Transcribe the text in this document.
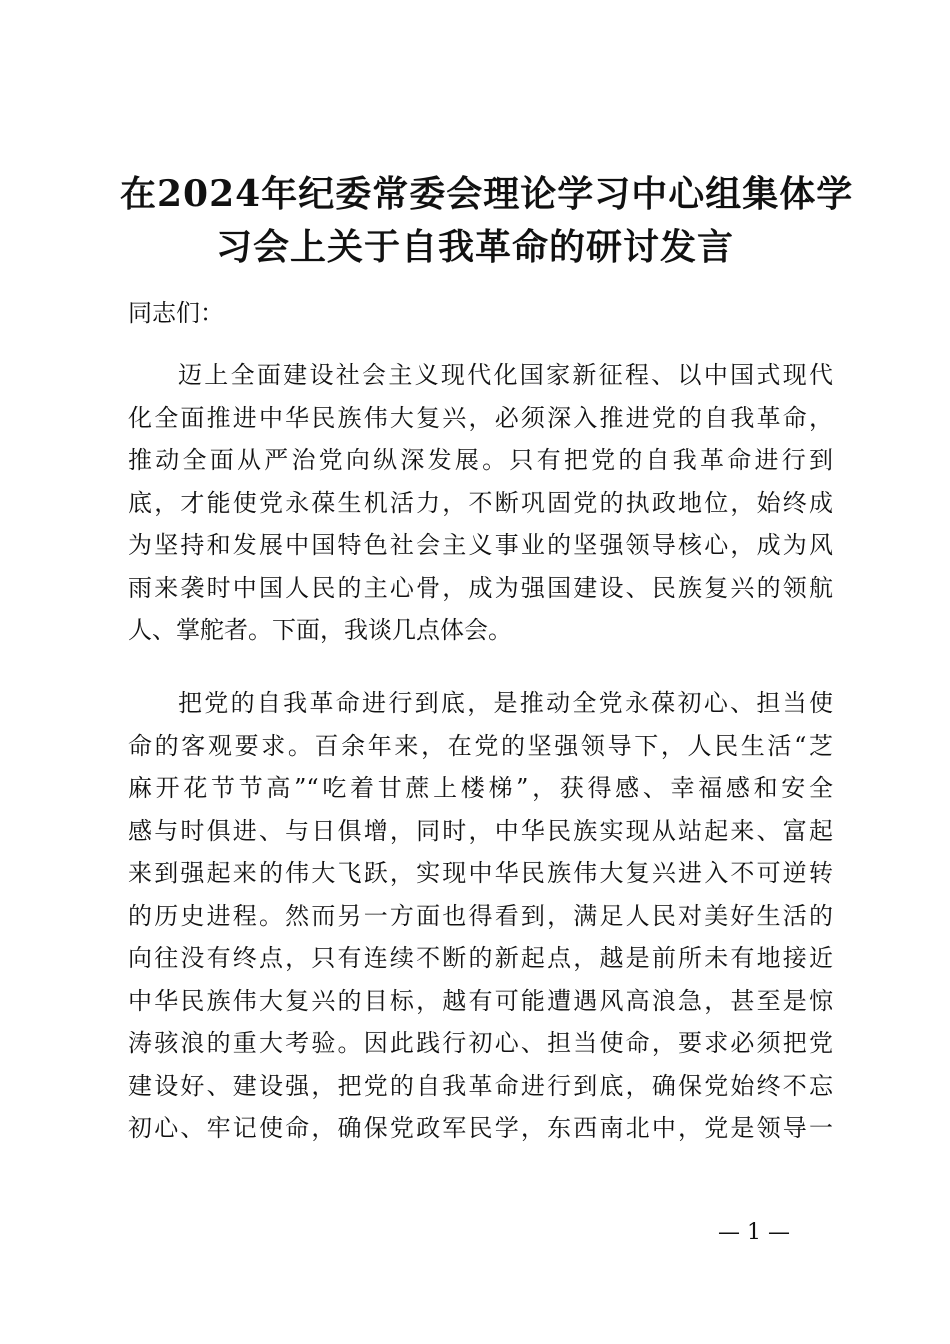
在2024年纪委常委会理论学习中心组集体学
习会上关于自我革命的研讨发言

同志们：

迈上全面建设社会主义现代化国家新征程、以中国式现代
化全面推进中华民族伟大复兴，必须深入推进党的自我革命，
推动全面从严治党向纵深发展。只有把党的自我革命进行到
底，才能使党永葆生机活力，不断巩固党的执政地位，始终成
为坚持和发展中国特色社会主义事业的坚强领导核心，成为风
雨来袭时中国人民的主心骨，成为强国建设、民族复兴的领航
人、掌舵者。下面，我谈几点体会。

把党的自我革命进行到底，是推动全党永葆初心、担当使
命的客观要求。百余年来，在党的坚强领导下，人民生活“芝
麻开花节节高”“吃着甘蔗上楼梯”，获得感、幸福感和安全
感与时俱进、与日俱增，同时，中华民族实现从站起来、富起
来到强起来的伟大飞跃，实现中华民族伟大复兴进入不可逆转
的历史进程。然而另一方面也得看到，满足人民对美好生活的
向往没有终点，只有连续不断的新起点，越是前所未有地接近
中华民族伟大复兴的目标，越有可能遭遇风高浪急，甚至是惊
涛骇浪的重大考验。因此践行初心、担当使命，要求必须把党
建设好、建设强，把党的自我革命进行到底，确保党始终不忘
初心、牢记使命，确保党政军民学，东西南北中，党是领导一

— 1 —
